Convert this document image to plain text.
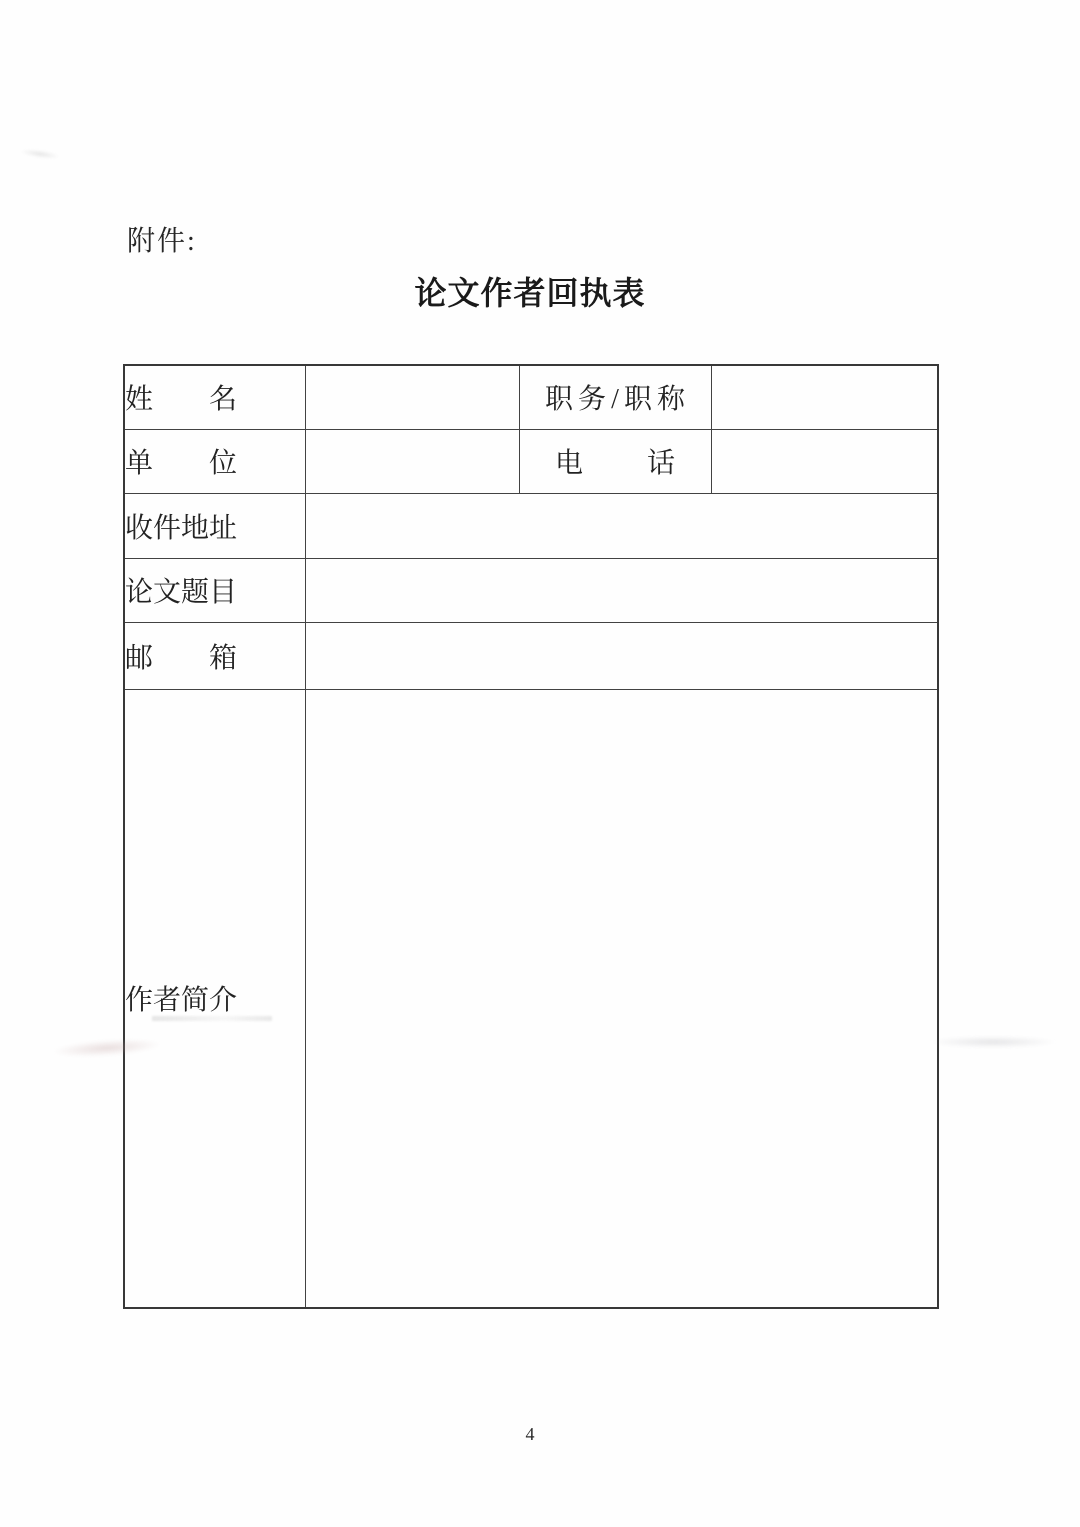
附件:
论文作者回执表
姓名		职务/职称	
单位		电话	
收件地址			
论文题目			
邮箱			
作者简介			
4
